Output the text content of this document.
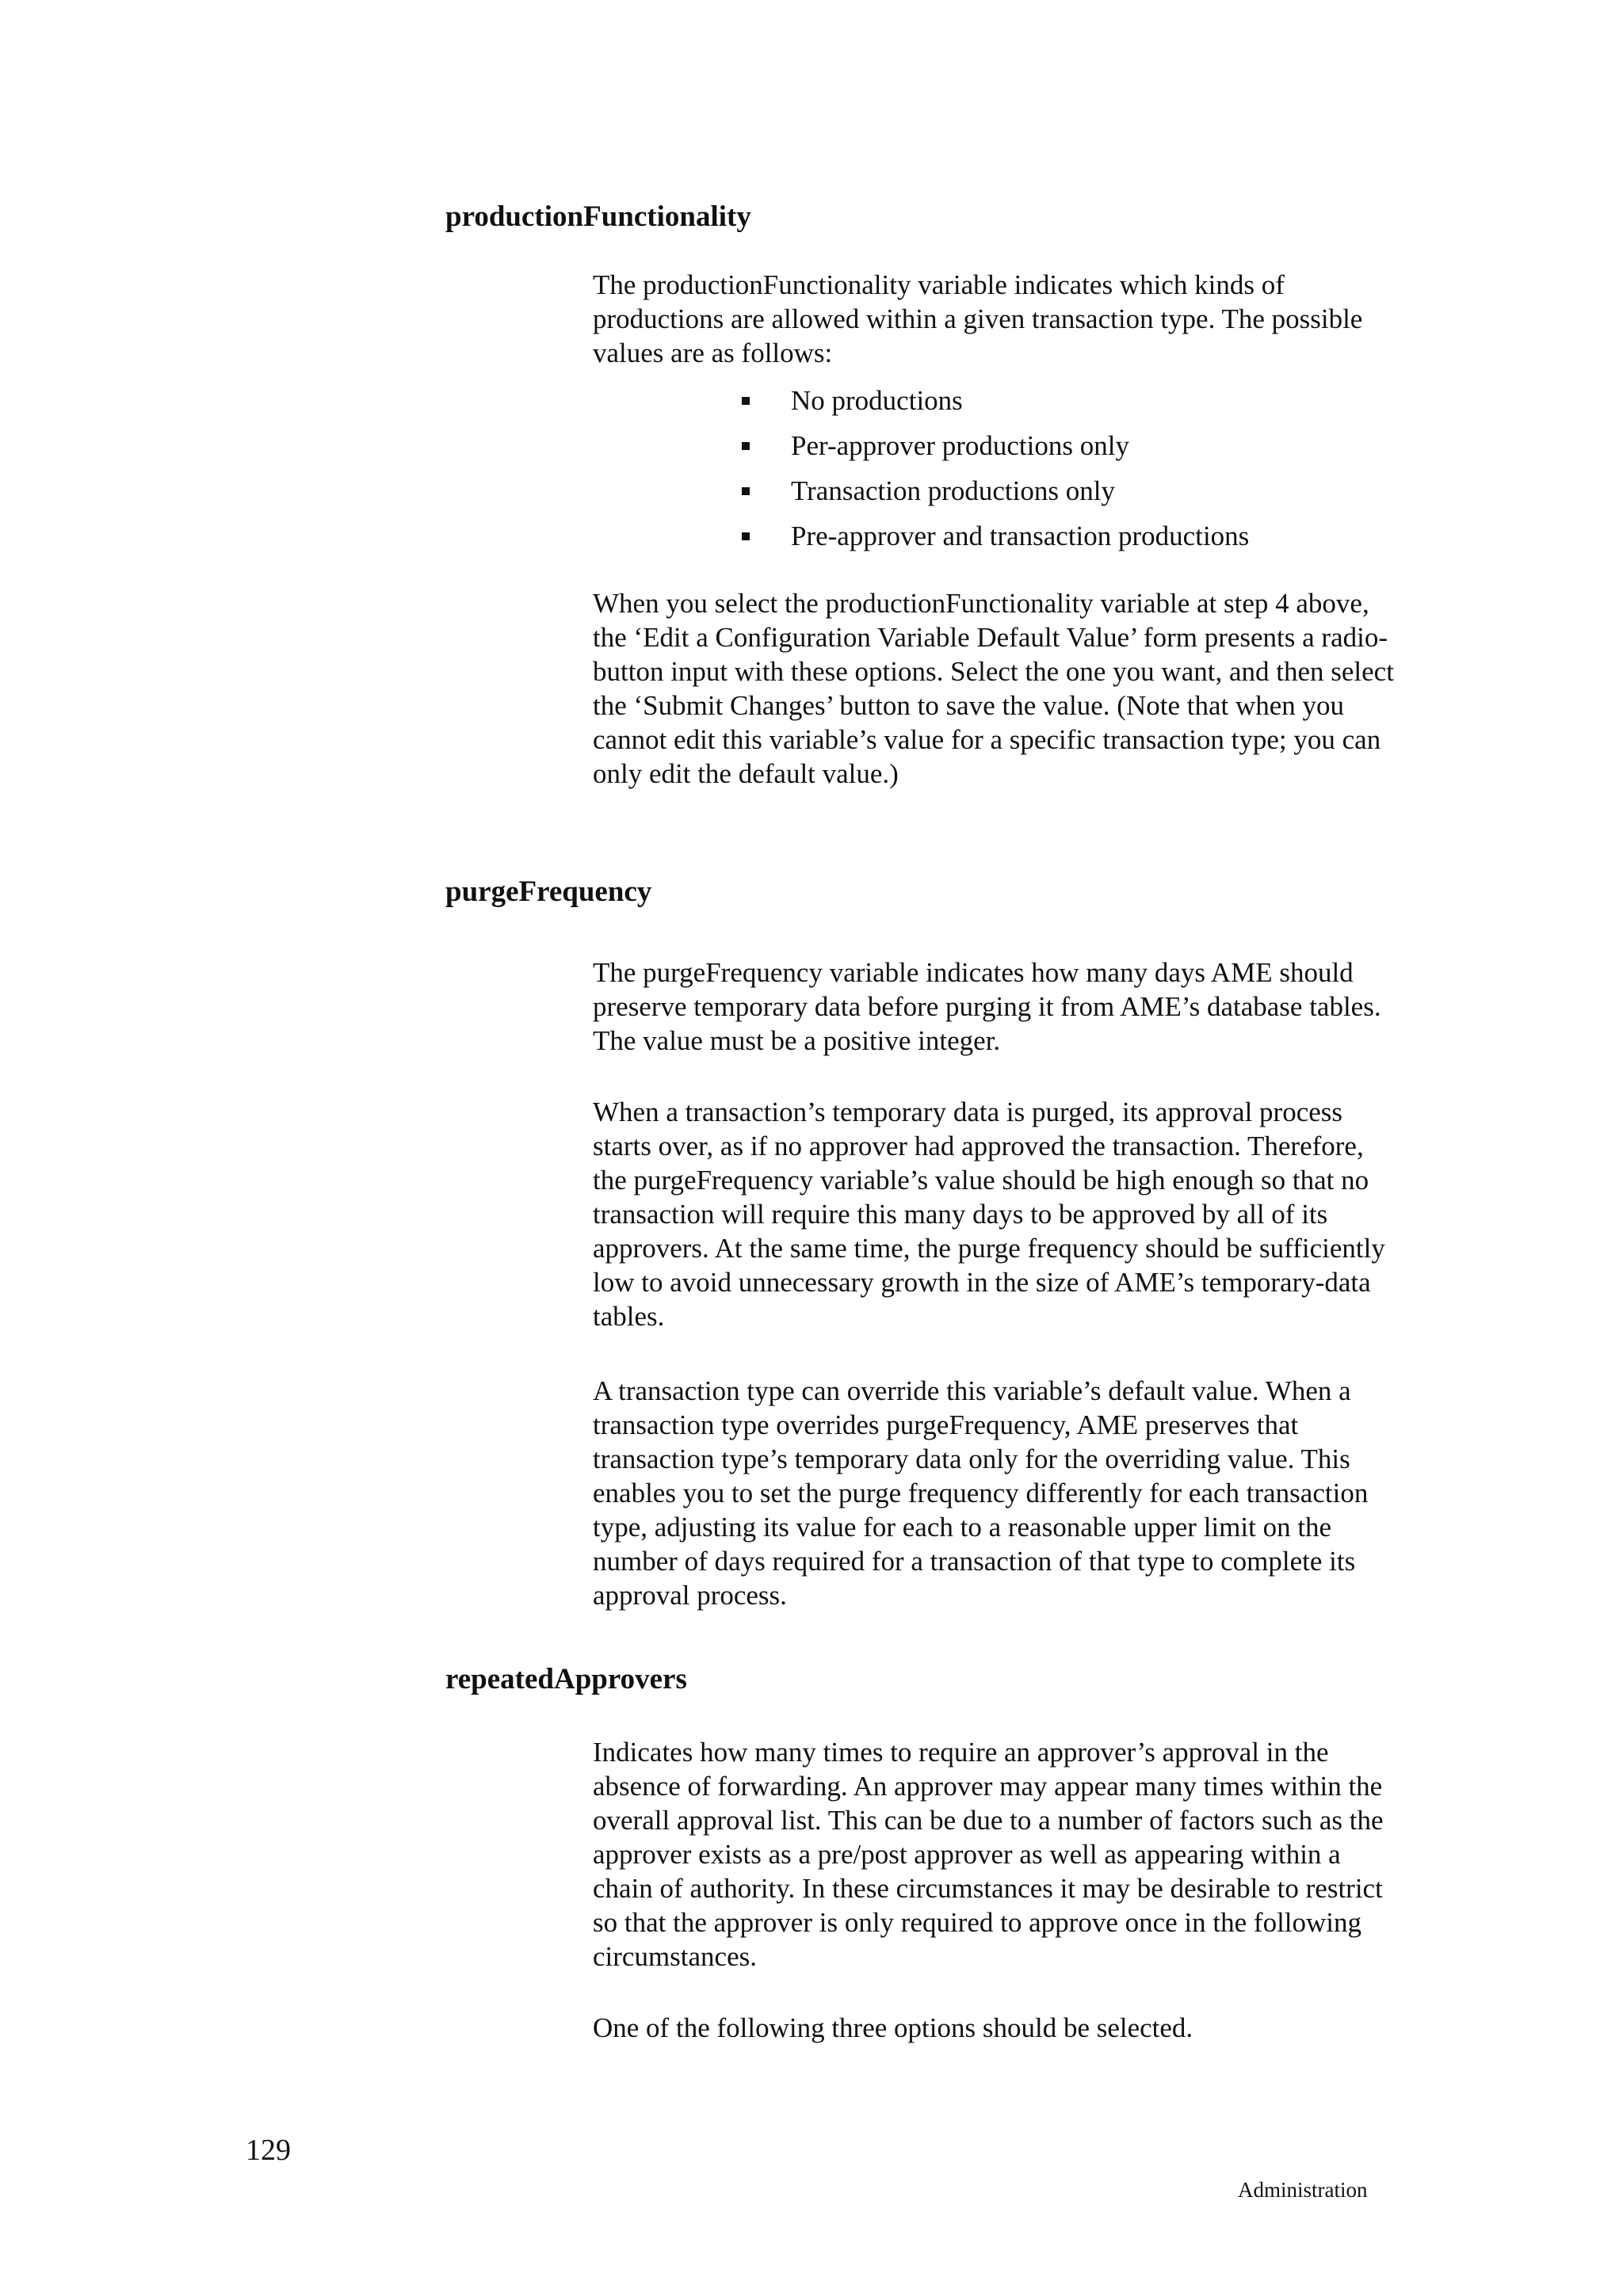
productionFunctionality

The productionFunctionality variable indicates which kinds of productions are allowed within a given transaction type. The possible values are as follows:

No productions
Per-approver productions only
Transaction productions only
Pre-approver and transaction productions

When you select the productionFunctionality variable at step 4 above, the ‘Edit a Configuration Variable Default Value’ form presents a radio-button input with these options. Select the one you want, and then select the ‘Submit Changes’ button to save the value. (Note that when you cannot edit this variable’s value for a specific transaction type; you can only edit the default value.)

purgeFrequency

The purgeFrequency variable indicates how many days AME should preserve temporary data before purging it from AME’s database tables. The value must be a positive integer.

When a transaction’s temporary data is purged, its approval process starts over, as if no approver had approved the transaction. Therefore, the purgeFrequency variable’s value should be high enough so that no transaction will require this many days to be approved by all of its approvers. At the same time, the purge frequency should be sufficiently low to avoid unnecessary growth in the size of AME’s temporary-data tables.

A transaction type can override this variable’s default value. When a transaction type overrides purgeFrequency, AME preserves that transaction type’s temporary data only for the overriding value. This enables you to set the purge frequency differently for each transaction type, adjusting its value for each to a reasonable upper limit on the number of days required for a transaction of that type to complete its approval process.

repeatedApprovers

Indicates how many times to require an approver’s approval in the absence of forwarding. An approver may appear many times within the overall approval list. This can be due to a number of factors such as the approver exists as a pre/post approver as well as appearing within a chain of authority. In these circumstances it may be desirable to restrict so that the approver is only required to approve once in the following circumstances.

One of the following three options should be selected.

129
Administration
